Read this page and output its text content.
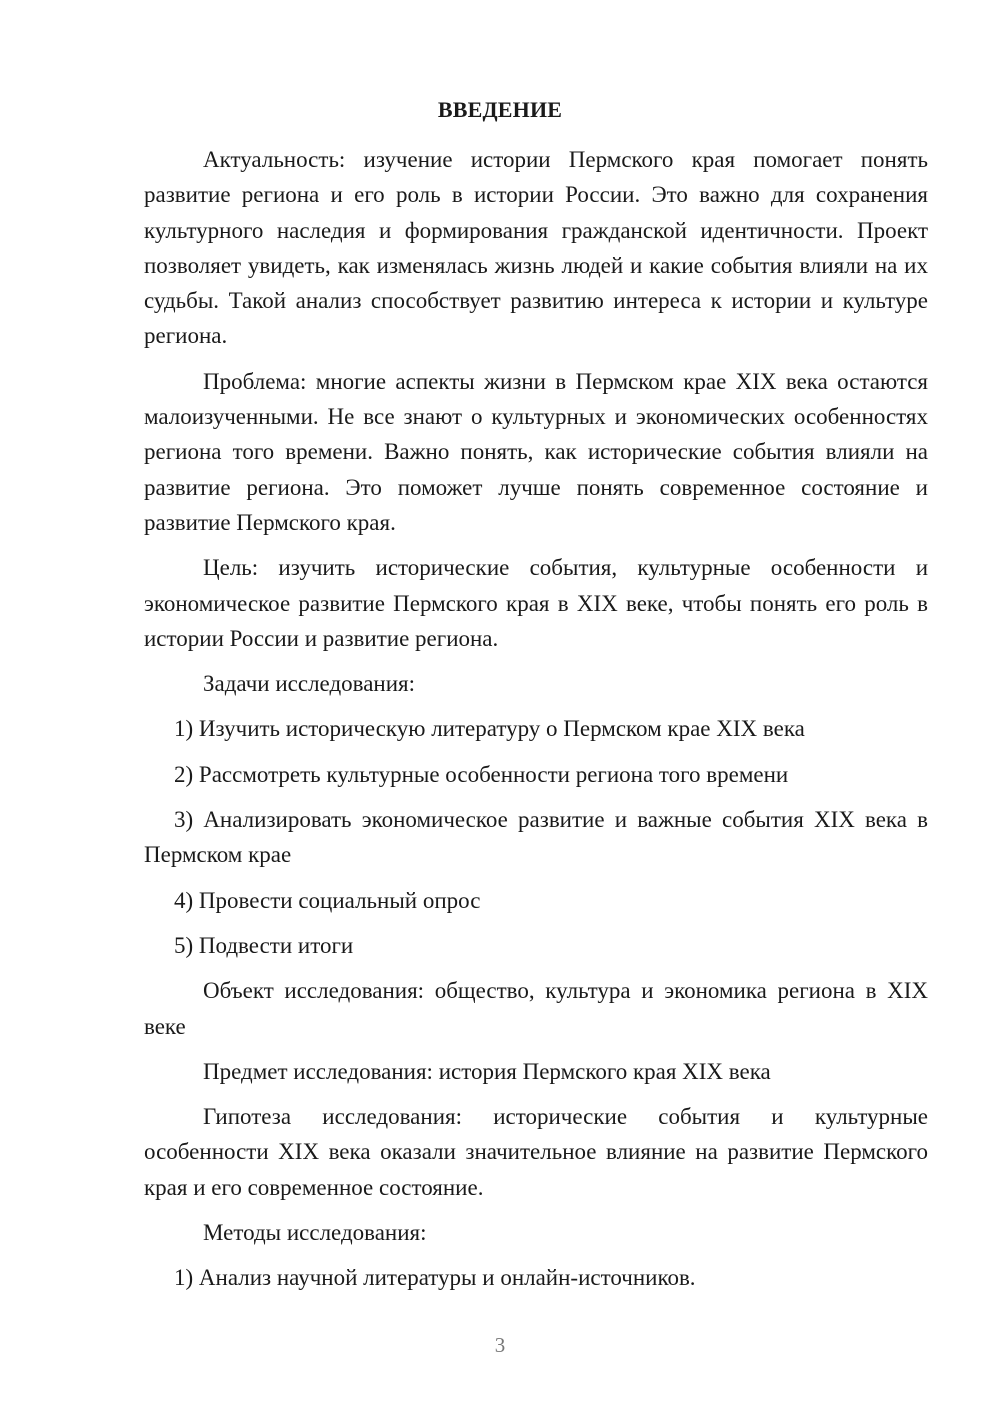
ВВЕДЕНИЕ

Актуальность: изучение истории Пермского края помогает понять развитие региона и его роль в истории России. Это важно для сохранения культурного наследия и формирования гражданской идентичности. Проект позволяет увидеть, как изменялась жизнь людей и какие события влияли на их судьбы. Такой анализ способствует развитию интереса к истории и культуре региона.

Проблема: многие аспекты жизни в Пермском крае XIX века остаются малоизученными. Не все знают о культурных и экономических особенностях региона того времени. Важно понять, как исторические события влияли на развитие региона. Это поможет лучше понять современное состояние и развитие Пермского края.

Цель: изучить исторические события, культурные особенности и экономическое развитие Пермского края в XIX веке, чтобы понять его роль в истории России и развитие региона.

Задачи исследования:

1) Изучить историческую литературу о Пермском крае XIX века

2) Рассмотреть культурные особенности региона того времени

3) Анализировать экономическое развитие и важные события XIX века в Пермском крае

4) Провести социальный опрос

5) Подвести итоги

Объект исследования: общество, культура и экономика региона в XIX веке

Предмет исследования: история Пермского края XIX века

Гипотеза исследования: исторические события и культурные особенности XIX века оказали значительное влияние на развитие Пермского края и его современное состояние.

Методы исследования:

1) Анализ научной литературы и онлайн-источников.

3
